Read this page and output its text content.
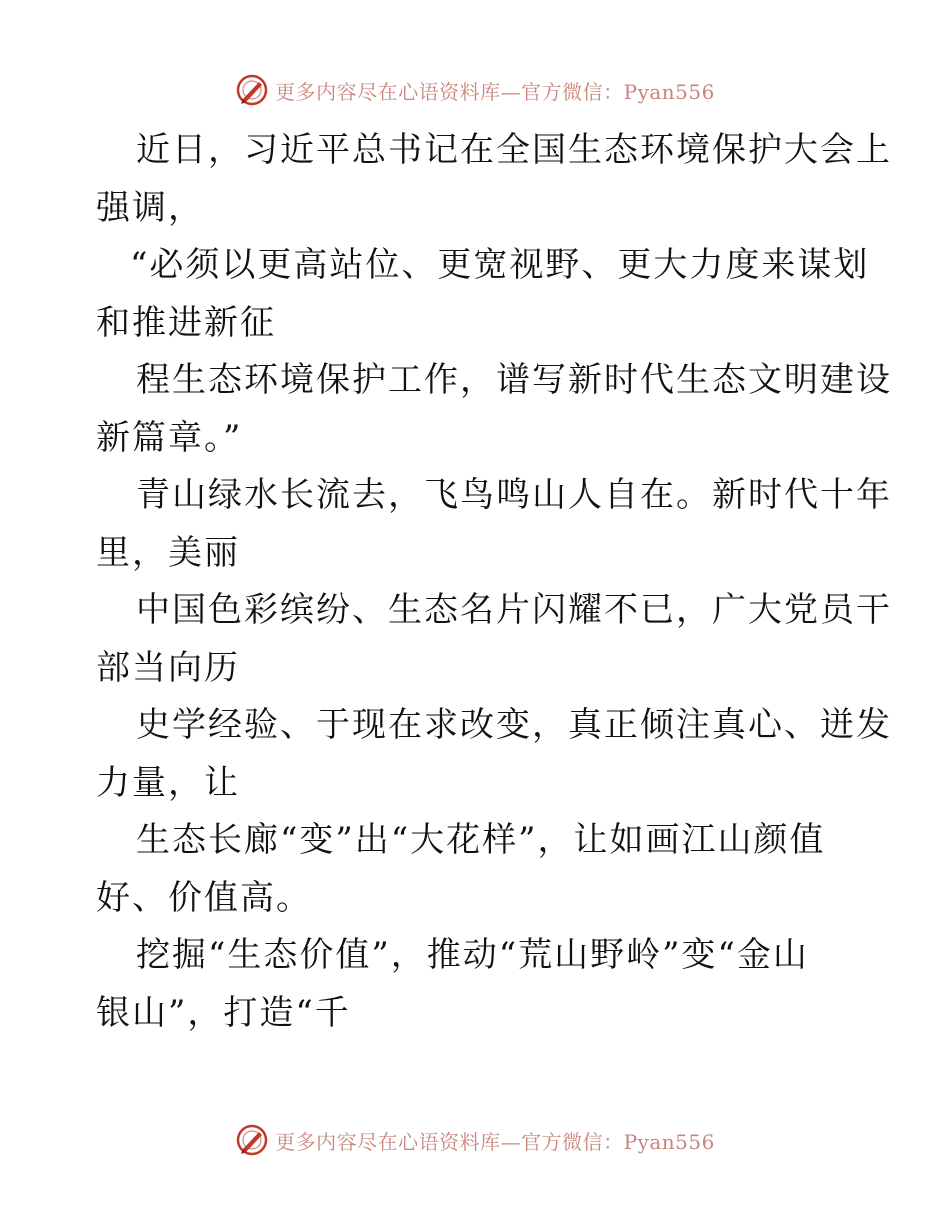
更多内容尽在心语资料库—官方微信：Pyan556
近日，习近平总书记在全国生态环境保护大会上
强调，
“必须以更高站位、更宽视野、更大力度来谋划
和推进新征
程生态环境保护工作，谱写新时代生态文明建设
新篇章。”
青山绿水长流去，飞鸟鸣山人自在。新时代十年
里，美丽
中国色彩缤纷、生态名片闪耀不已，广大党员干
部当向历
史学经验、于现在求改变，真正倾注真心、迸发
力量，让
生态长廊“变”出“大花样”，让如画江山颜值
好、价值高。
挖掘“生态价值”，推动“荒山野岭”变“金山
银山”，打造“千
更多内容尽在心语资料库—官方微信：Pyan556
